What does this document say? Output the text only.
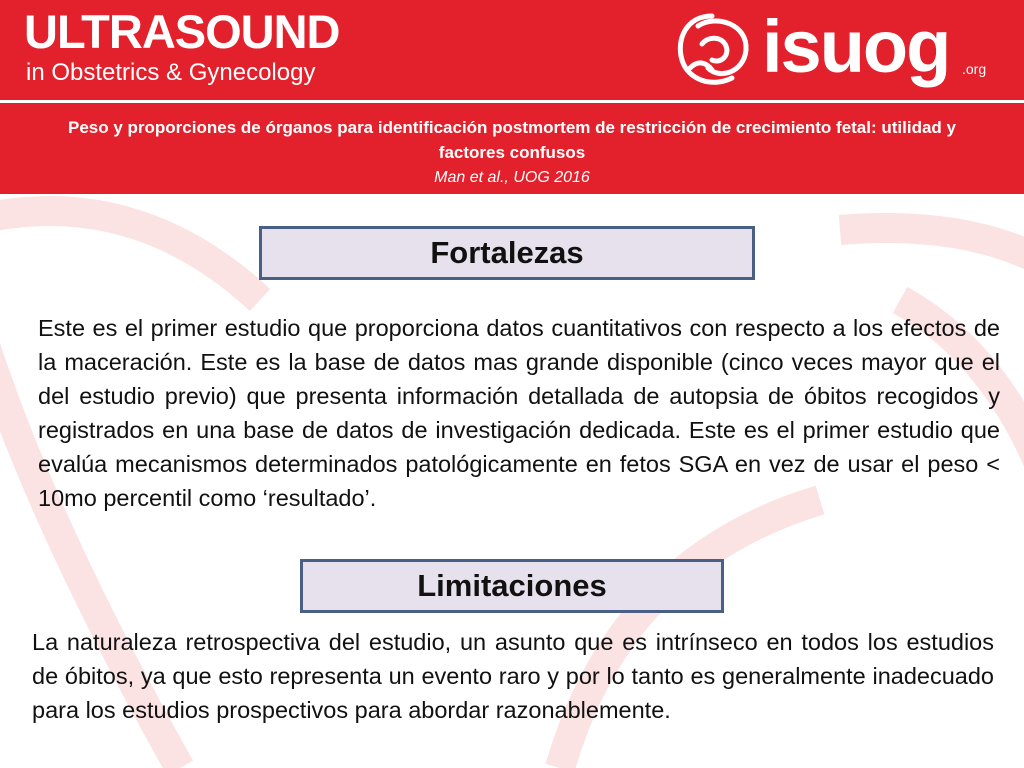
ULTRASOUND
in Obstetrics & Gynecology	isuog .org
Peso y proporciones de órganos para identificación postmortem de restricción de crecimiento fetal: utilidad y factores confusos
Man et al., UOG 2016
Fortalezas
Este es el primer estudio que proporciona datos cuantitativos con respecto a los efectos de la maceración. Este es la base de datos mas grande disponible (cinco veces mayor que el del estudio previo) que presenta información detallada de autopsia de óbitos recogidos y registrados en una base de datos de investigación dedicada. Este es el primer estudio que evalúa mecanismos determinados patológicamente en fetos SGA en vez de usar el peso < 10mo percentil como ‘resultado’.
Limitaciones
La naturaleza retrospectiva del estudio, un asunto que es intrínseco en todos los estudios de óbitos, ya que esto representa un evento raro y por lo tanto es generalmente inadecuado para los estudios prospectivos para abordar razonablemente.
